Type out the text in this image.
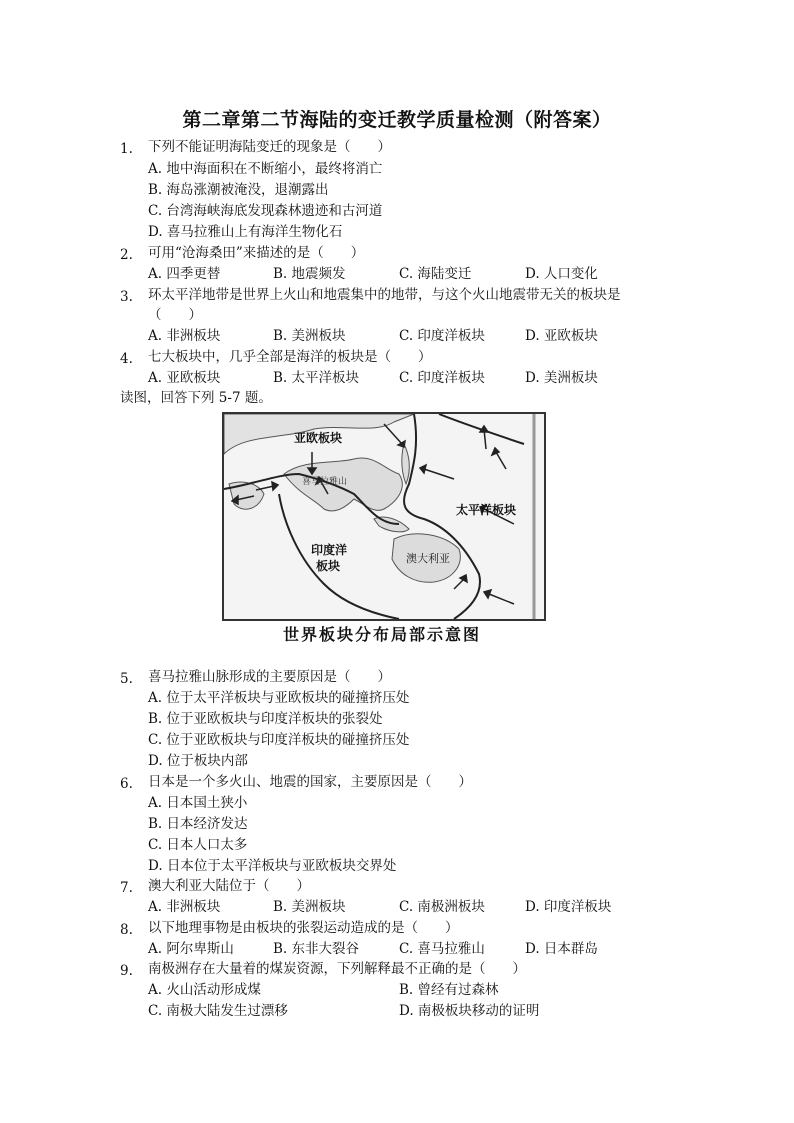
第二章第二节海陆的变迁教学质量检测（附答案）
1. 下列不能证明海陆变迁的现象是（　　）
A. 地中海面积在不断缩小，最终将消亡
B. 海岛涨潮被淹没，退潮露出
C. 台湾海峡海底发现森林遗迹和古河道
D. 喜马拉雅山上有海洋生物化石
2. 可用“沧海桑田”来描述的是（　　）
A. 四季更替	B. 地震频发	C. 海陆变迁	D. 人口变化
3. 环太平洋地带是世界上火山和地震集中的地带，与这个火山地震带无关的板块是
（　　）
A. 非洲板块	B. 美洲板块	C. 印度洋板块	D. 亚欧板块
4. 七大板块中，几乎全部是海洋的板块是（　　）
A. 亚欧板块	B. 太平洋板块	C. 印度洋板块	D. 美洲板块
读图，回答下列 5-7 题。
亚欧板块
喜马拉雅山
太平洋板块
印度洋
板块
澳大利亚
世界板块分布局部示意图
5. 喜马拉雅山脉形成的主要原因是（　　）
A. 位于太平洋板块与亚欧板块的碰撞挤压处
B. 位于亚欧板块与印度洋板块的张裂处
C. 位于亚欧板块与印度洋板块的碰撞挤压处
D. 位于板块内部
6. 日本是一个多火山、地震的国家，主要原因是（　　）
A. 日本国土狭小
B. 日本经济发达
C. 日本人口太多
D. 日本位于太平洋板块与亚欧板块交界处
7. 澳大利亚大陆位于（　　）
A. 非洲板块	B. 美洲板块	C. 南极洲板块	D. 印度洋板块
8. 以下地理事物是由板块的张裂运动造成的是（　　）
A. 阿尔卑斯山	B. 东非大裂谷	C. 喜马拉雅山	D. 日本群岛
9. 南极洲存在大量着的煤炭资源，下列解释最不正确的是（　　）
A. 火山活动形成煤	B. 曾经有过森林
C. 南极大陆发生过漂移	D. 南极板块移动的证明
